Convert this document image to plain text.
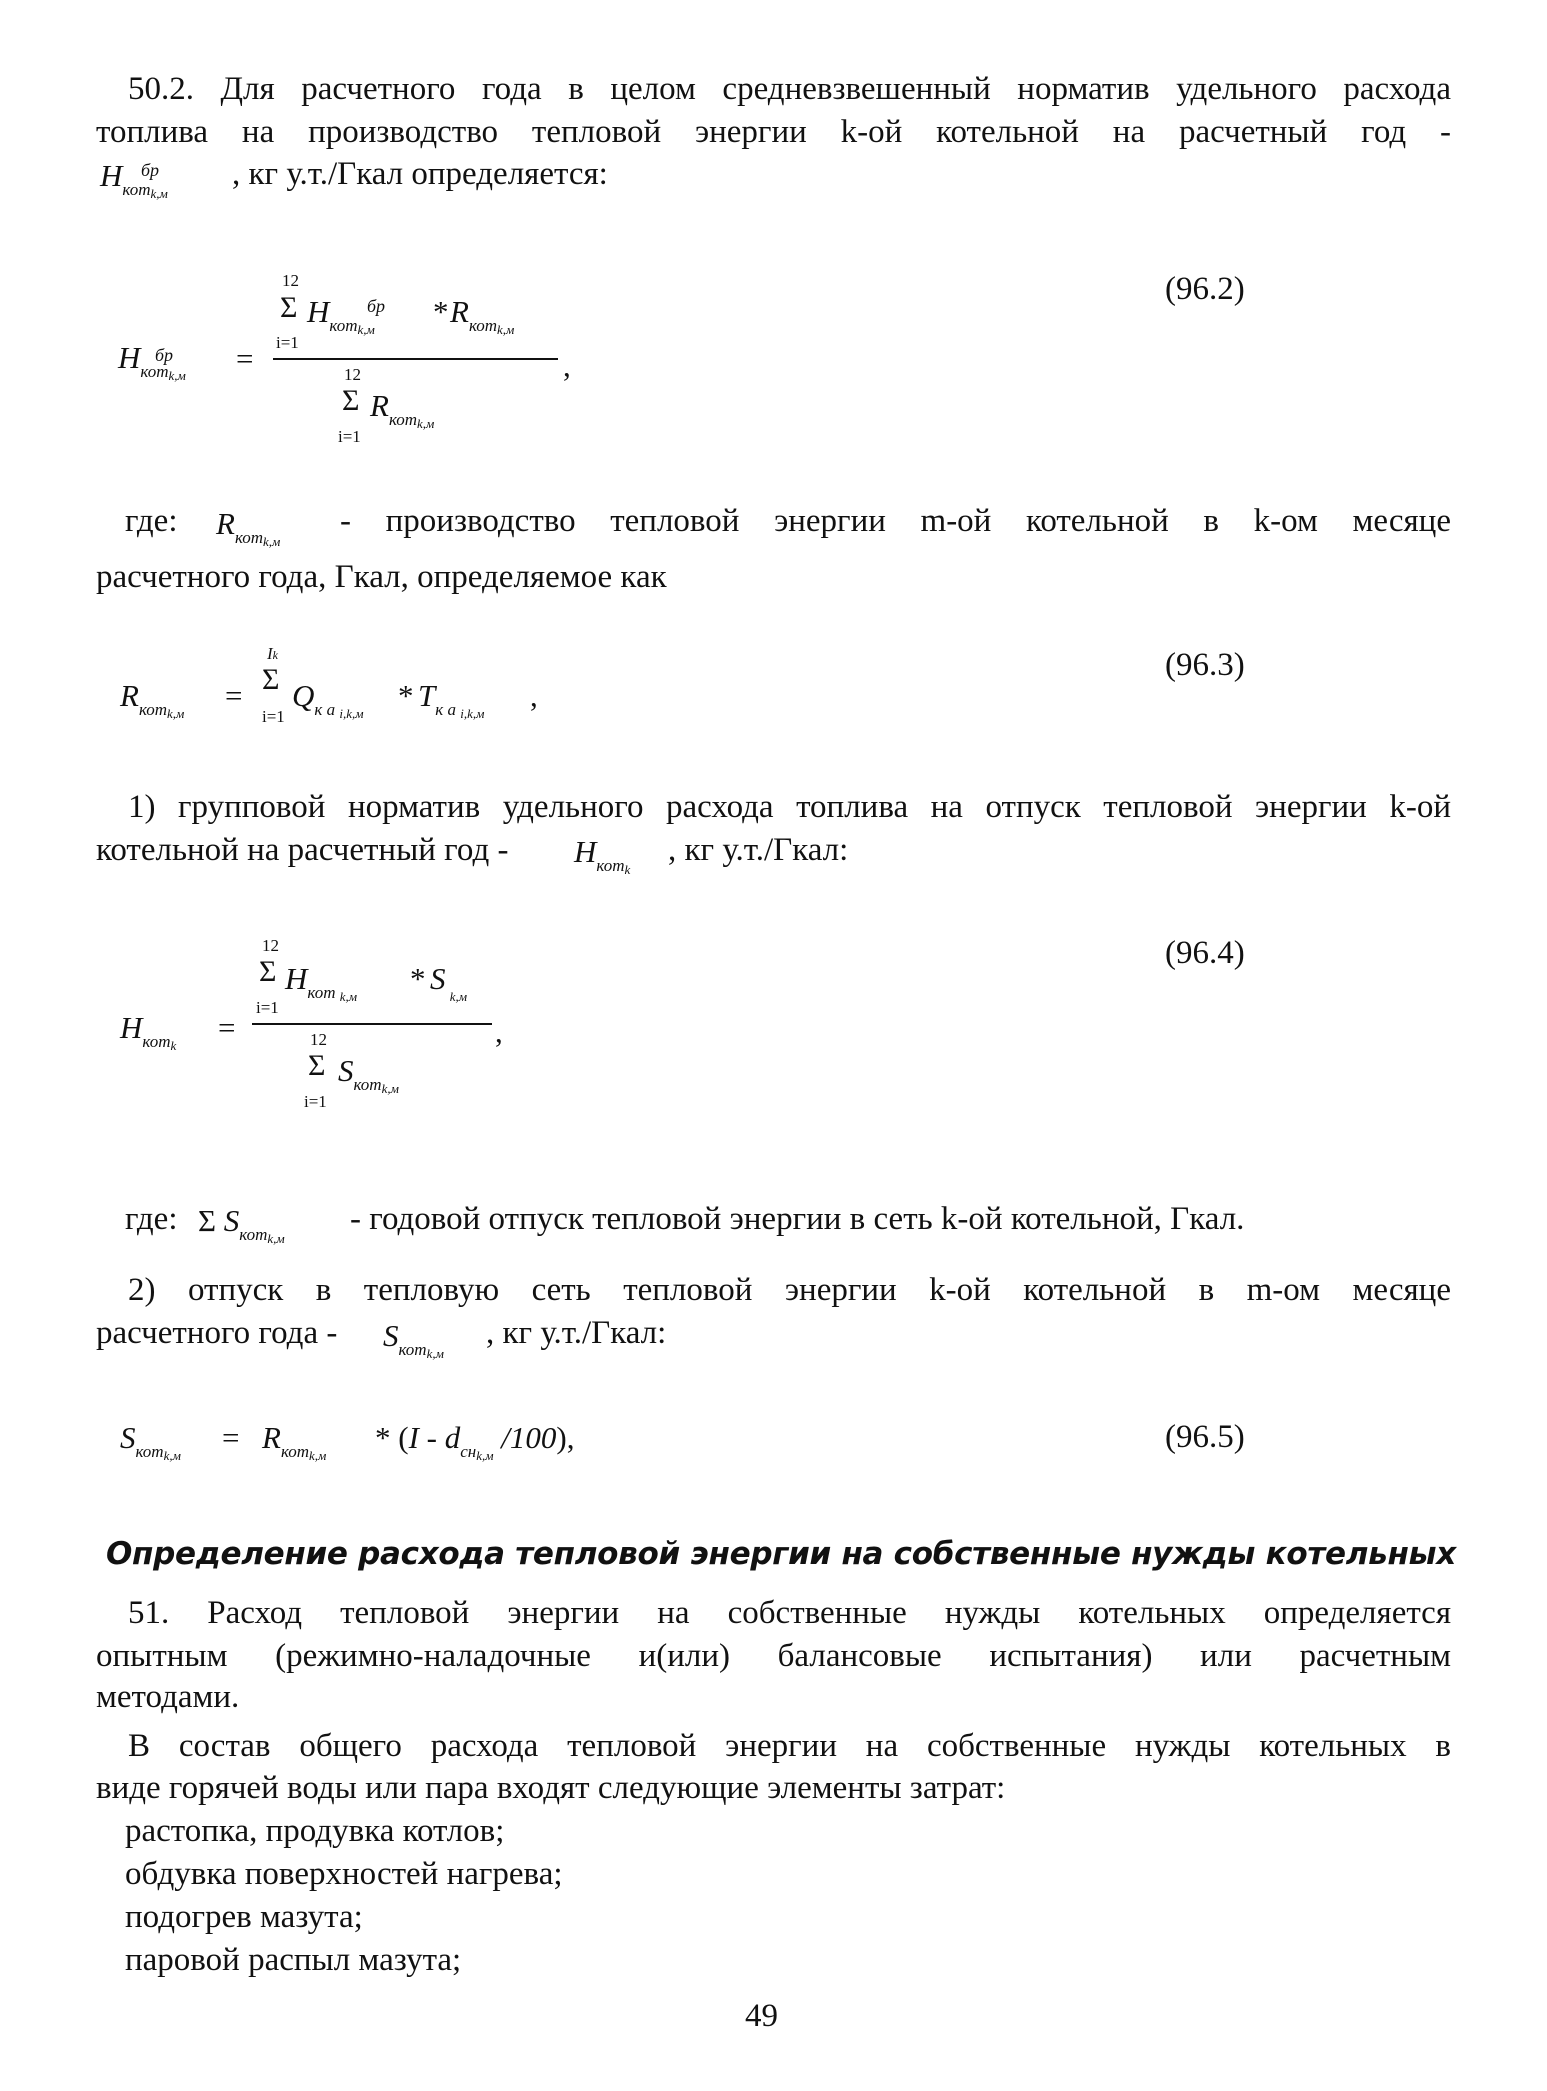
50.2. Для расчетного года в целом средневзвешенный норматив удельного расхода
топлива на производство тепловой энергии k-ой котельной на расчетный год -
$H_{котk,м}$
бр , кг у.т./Гкал определяется:
$H_{котk,м}$
бр =
12
Σ
i=1
$H_{котk,м}$
бр * $R_{котk,м}$
,
12
Σ
i=1
$R_{котk,м}$
(96.2)
где: $R_{котk,м}$
- производство тепловой энергии m-ой котельной в k-ом месяце
расчетного года, Гкал, определяемое как
$R_{котk,м}$
=
Ik
Σ
i=1
$Q_{к а i,k,м}$
* $T_{к а i,k,м}$
,
(96.3)
1) групповой норматив удельного расхода топлива на отпуск тепловой энергии k-ой
котельной на расчетный год - $H_{котk}$
, кг у.т./Гкал:
$H_{котk}$
=
12
Σ
i=1
$H_{кот k,м}$
* S $_{k,м}$
,
12
Σ
i=1
$S_{котk,м}$
(96.4)
где: Σ $S_{котk,м}$
- годовой отпуск тепловой энергии в сеть k-ой котельной, Гкал.
2) отпуск в тепловую сеть тепловой энергии k-ой котельной в m-ом месяце
расчетного года - $S_{котk,м}$
, кг у.т./Гкал:
$S_{котk,м}$
= $R_{котk,м}$
* ($I - d_{снk,м}$ /100),	(96.5)
Определение расхода тепловой энергии на собственные нужды котельных
51. Расход тепловой энергии на собственные нужды котельных определяется
опытным (режимно-наладочные и(или) балансовые испытания) или расчетным
методами.
В состав общего расхода тепловой энергии на собственные нужды котельных в
виде горячей воды или пара входят следующие элементы затрат:
растопка, продувка котлов;
обдувка поверхностей нагрева;
подогрев мазута;
паровой распыл мазута;
49
